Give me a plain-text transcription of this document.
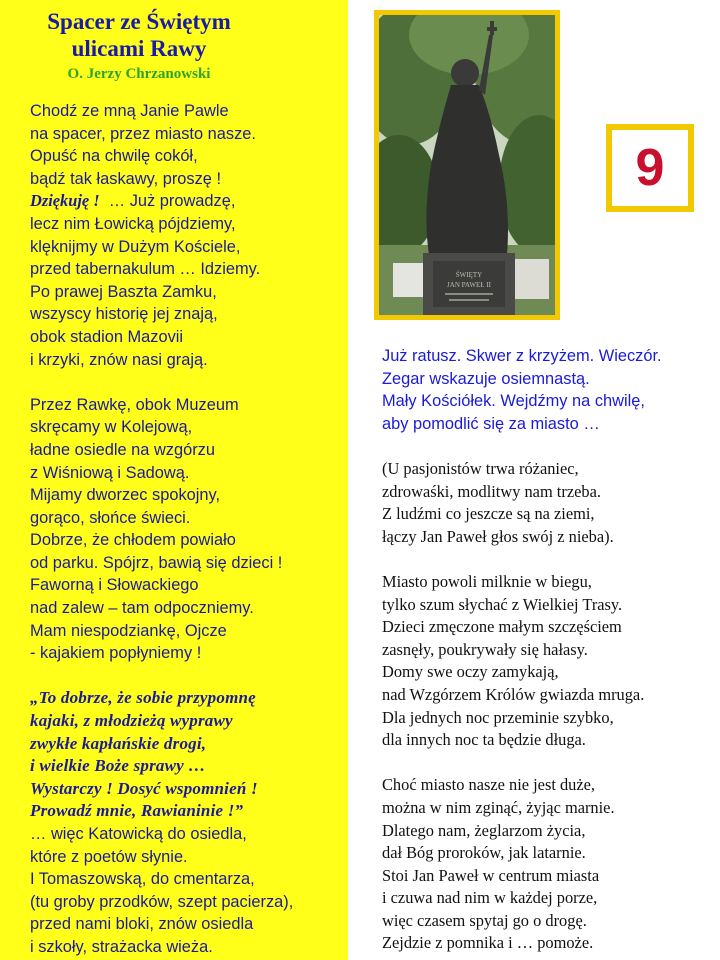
Spacer ze Świętym
ulicami Rawy
O. Jerzy Chrzanowski
Chodź ze mną Janie Pawle
na spacer, przez miasto nasze.
Opuść na chwilę cokół,
bądź tak łaskawy, proszę !
Dziękuję ! … Już prowadzę,
lecz nim Łowicką pójdziemy,
klęknijmy w Dużym Kościele,
przed tabernakulum … Idziemy.
Po prawej Baszta Zamku,
wszyscy historię jej znają,
obok stadion Mazovii
i krzyki, znów nasi grają.
Przez Rawkę, obok Muzeum
skręcamy w Kolejową,
ładne osiedle na wzgórzu
z Wiśniową i Sadową.
Mijamy dworzec spokojny,
gorąco, słońce świeci.
Dobrze, że chłodem powiało
od parku. Spójrz, bawią się dzieci !
Faworną i Słowackiego
nad zalew – tam odpoczniemy.
Mam niespodziankę, Ojcze
- kajakiem popłyniemy !
„To dobrze, że sobie przypomnę
kajaki, z młodzieżą wyprawy
zwykłe kapłańskie drogi,
i wielkie Boże sprawy …
Wystarczy ! Dosyć wspomnień !
Prowadź mnie, Rawianinie !”
… więc Katowicką do osiedla,
które z poetów słynie.
I Tomaszowską, do cmentarza,
(tu groby przodków, szept pacierza),
przed nami bloki, znów osiedla
i szkoły, strażacka wieża.
ŚWIĘTY
JAN PAWEŁ II
9
Już ratusz. Skwer z krzyżem. Wieczór.
Zegar wskazuje osiemnastą.
Mały Kościółek. Wejdźmy na chwilę,
aby pomodlić się za miasto …
(U pasjonistów trwa różaniec,
zdrowaśki, modlitwy nam trzeba.
Z ludźmi co jeszcze są na ziemi,
łączy Jan Paweł głos swój z nieba).
Miasto powoli milknie w biegu,
tylko szum słychać z Wielkiej Trasy.
Dzieci zmęczone małym szczęściem
zasnęły, poukrywały się hałasy.
Domy swe oczy zamykają,
nad Wzgórzem Królów gwiazda mruga.
Dla jednych noc przeminie szybko,
dla innych noc ta będzie długa.
Choć miasto nasze nie jest duże,
można w nim zginąć, żyjąc marnie.
Dlatego nam, żeglarzom życia,
dał Bóg proroków, jak latarnie.
Stoi Jan Paweł w centrum miasta
i czuwa nad nim w każdej porze,
więc czasem spytaj go o drogę.
Zejdzie z pomnika i … pomoże.
